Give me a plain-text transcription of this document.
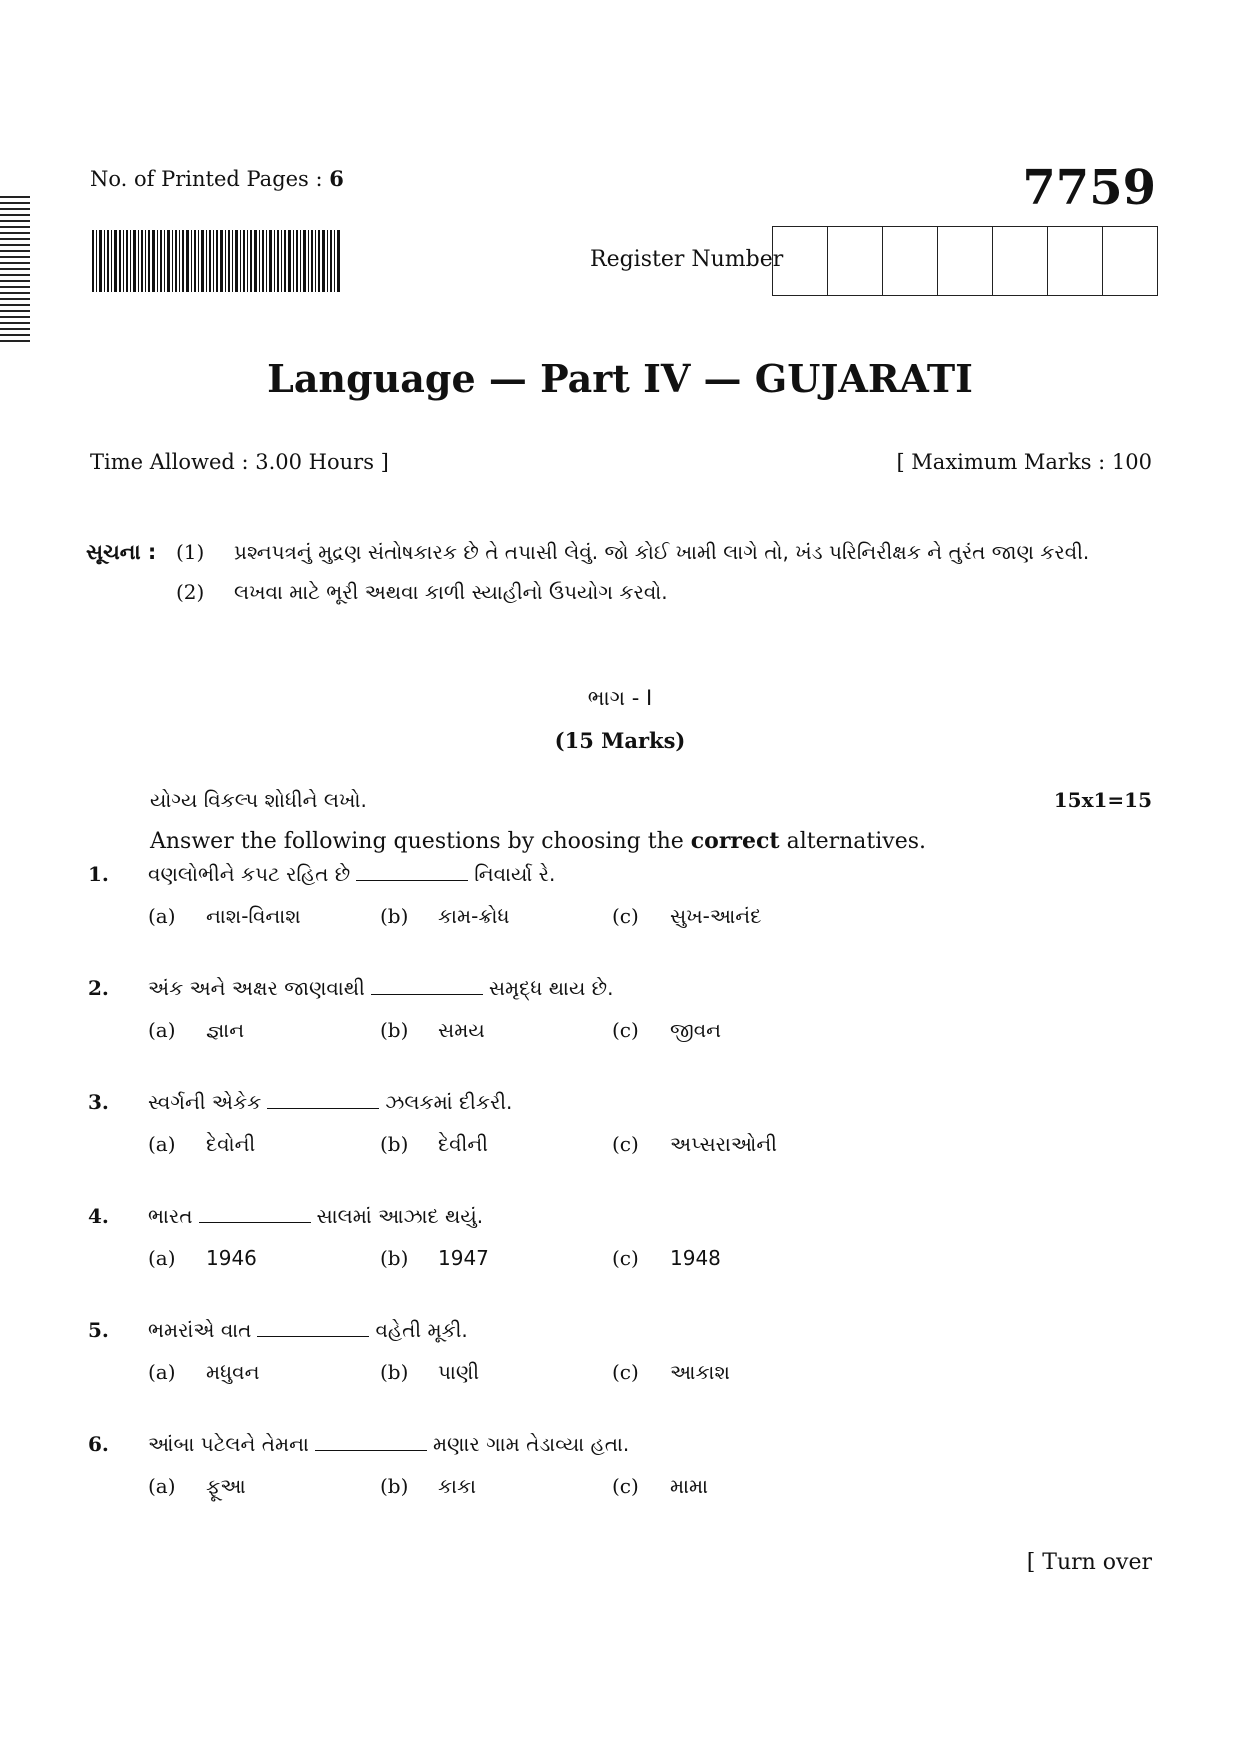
No. of Printed Pages : 6	7759
Register Number
Language — Part IV — GUJARATI
Time Allowed : 3.00 Hours ]	[ Maximum Marks : 100
સૂચના : (1) પ્રશ્નપત્રનું મુદ્રણ સંતોષકારક છે તે તપાસી લેવું. જો કોઈ ખામી લાગે તો, ખંડ પરિનિરીક્ષક ને તુરંત જાણ કરવી.
(2) લખવા માટે ભૂરી અથવા કાળી સ્યાહીનો ઉપયોગ કરવો.
ભાગ - I
(15 Marks)
યોગ્ય વિકલ્પ શોધીને લખો.	15x1=15
Answer the following questions by choosing the correct alternatives.
1. વણલોભીને કપટ રહિત છે	નિવાર્યા રે.
(a) નાશ-વિનાશ	(b) કામ-ક્રોધ	(c) સુખ-આનંદ
2. અંક અને અક્ષર જાણવાથી	સમૃદ્ધ થાય છે.
(a) જ્ઞાન	(b) સમય	(c) જીવન
3. સ્વર્ગની એકેક	ઝલકમાં દીકરી.
(a) દેવોની	(b) દેવીની	(c) અપ્સરાઓની
4. ભારત	સાલમાં આઝાદ થયું.
(a) 1946	(b) 1947	(c) 1948
5. ભમરાંએ વાત	વહેતી મૂકી.
(a) મધુવન	(b) પાણી	(c) આકાશ
6. આંબા પટેલને તેમના	મણાર ગામ તેડાવ્યા હતા.
(a) ફૂઆ	(b) કાકા	(c) મામા
[ Turn over
